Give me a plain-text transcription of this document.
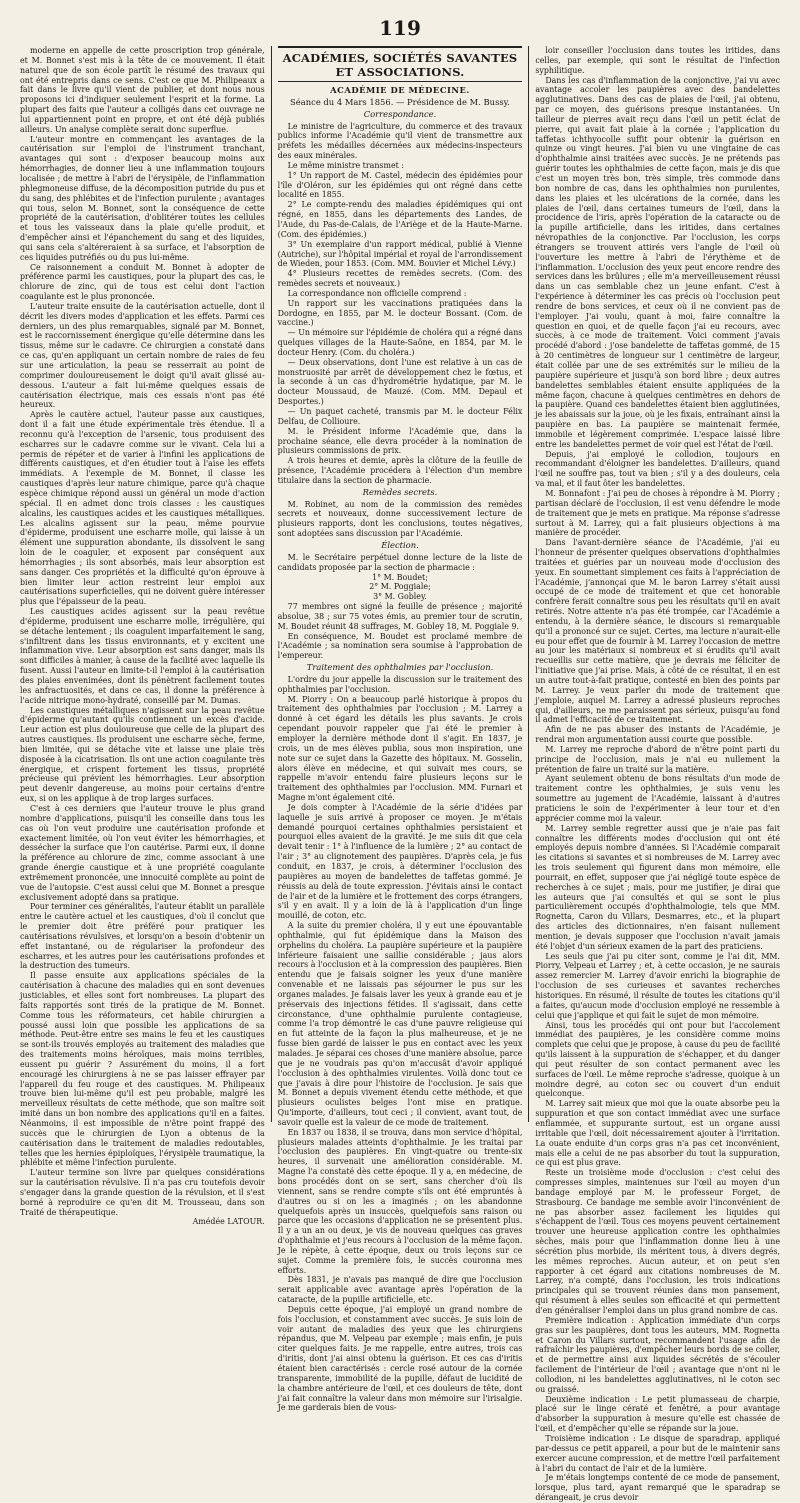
119

moderne en appelle de cette proscription trop générale, et M. Bonnet s'est mis à la tête de ce mouvement. Il était naturel que de son école partît le résumé des travaux qui ont été entrepris dans ce sens. C'est ce que M. Philipeaux a fait dans le livre qu'il vient de publier, et dont nous nous proposons ici d'indiquer seulement l'esprit et la forme. La plupart des faits que l'auteur a colligés dans cet ouvrage ne lui appartiennent point en propre, et ont été déjà publiés ailleurs. Un analyse complète serait donc superflue.

L'auteur montre en commençant les avantages de la cautérisation sur l'emploi de l'instrument tranchant, avantages qui sont : d'exposer beaucoup moins aux hémorrhagies, de donner lieu à une inflammation toujours localisée ; de mettre à l'abri de l'érysipèle, de l'inflammation phlegmoneuse diffuse, de la décomposition putride du pus et du sang, des phlébites et de l'infection purulente ; avantages qui tous, selon M. Bonnet, sont la conséquence de cette propriété de la cautérisation, d'oblitérer toutes les cellules et tous les vaisseaux dans la plaie qu'elle produit, et d'empêcher ainsi et l'épanchement du sang et des liquides, qui sans cela s'altéreraient à sa surface, et l'absorption de ces liquides putréfiés ou du pus lui-même.

Ce raisonnement a conduit M. Bonnet à adopter de préférence parmi les caustiques, pour la plupart des cas, le chlorure de zinc, qui de tous est celui dont l'action coagulante est le plus prononcée.

L'auteur traite ensuite de la cautérisation actuelle, dont il décrit les divers modes d'application et les effets. Parmi ces derniers, un des plus remarquables, signalé par M. Bonnet, est le raccornissement énergique qu'elle détermine dans les tissus, même sur le cadavre. Ce chirurgien a constaté dans ce cas, qu'en appliquant un certain nombre de raies de feu sur une articulation, la peau se resserrait au point de comprimer douloureusement le doigt qu'il avait glissé au-dessous. L'auteur a fait lui-même quelques essais de cautérisation électrique, mais ces essais n'ont pas été heureux.

Après le cautère actuel, l'auteur passe aux caustiques, dont il a fait une étude expérimentale très étendue. Il a reconnu qu'à l'exception de l'arsenic, tous produisent des escharres sur le cadavre comme sur le vivant. Cela lui a permis de répéter et de varier à l'infini les applications de différents caustiques, et d'en étudier tout à l'aise les effets immédiats. A l'exemple de M. Bonnet, il classe les caustiques d'après leur nature chimique, parce qu'à chaque espèce chimique répond aussi un général un mode d'action spécial. Il en admet donc trois classes : les caustiques alcalins, les caustiques acides et les caustiques métalliques. Les alcalins agissent sur la peau, même pourvue d'épiderme, produisent une escharre molle, qui laisse à un élément une suppuration abondante, ils dissolvent le sang loin de le coaguler, et exposent par conséquent aux hémorrhagies ; ils sont absorbés, mais leur absorption est sans danger. Ces propriétés et la difficulté qu'on éprouve à bien limiter leur action restreint leur emploi aux cautérisations superficielles, qui ne doivent guère intéresser plus que l'épaisseur de la peau.

Les caustiques acides agissent sur la peau revêtue d'épiderme, produisent une escharre molle, irrégulière, qui se détache lentement ; ils coagulent imparfaitement le sang, s'infiltrent dans les tissus environnants, et y excitent une inflammation vive. Leur absorption est sans danger, mais ils sont difficiles à manier, à cause de la facilité avec laquelle ils fusent. Aussi l'auteur en limite-t-il l'emploi à la cautérisation des plaies envenimées, dont ils pénètrent facilement toutes les anfractuosités, et dans ce cas, il donne la préférence à l'acide nitrique mono-hydraté, conseillé par M. Dumas.

Les caustiques métalliques n'agissent sur la peau revêtue d'épiderme qu'autant qu'ils contiennent un excès d'acide. Leur action est plus douloureuse que celle de la plupart des autres caustiques. Ils produisent une escharre sèche, ferme, bien limitée, qui se détache vite et laisse une plaie très disposée à la cicatrisation. Ils ont une action coagulante très énergique, et crispent fortement les tissus, propriété précieuse qui prévient les hémorrhagies. Leur absorption peut devenir dangereuse, au moins pour certains d'entre eux, si on les applique à de trop larges surfaces.

C'est à ces derniers que l'auteur trouve le plus grand nombre d'applications, puisqu'il les conseille dans tous les cas où l'on veut produire une cautérisation profonde et exactement limitée, où l'on veut éviter les hémorrhagies, et dessécher la surface que l'on cautérise. Parmi eux, il donne la préférence au chlorure de zinc, comme associant à une grande énergie caustique et à une propriété coagulante extrêmement prononcée, une innocuité complète au point de vue de l'autopsie. C'est aussi celui que M. Bonnet a presque exclusivement adopté dans sa pratique.

Pour terminer ces généralités, l'auteur établit un parallèle entre le cautère actuel et les caustiques, d'où il conclut que le premier doit être préféré pour pratiquer les cautérisations révulsives, et lorsqu'on a besoin d'obtenir un effet instantané, ou de régulariser la profondeur des escharres, et les autres pour les cautérisations profondes et la destruction des tumeurs.

Il passe ensuite aux applications spéciales de la cautérisation à chacune des maladies qui en sont devenues justiciables, et elles sont fort nombreuses. La plupart des faits rapportés sont tirés de la pratique de M. Bonnet. Comme tous les réformateurs, cet habile chirurgien a poussé aussi loin que possible les applications de sa méthode. Peut-être entre ses mains le feu et les caustiques se sont-ils trouvés employés au traitement des maladies que des traitements moins héroïques, mais moins terribles, eussent pu guérir ? Assurément du moins, il a fort encouragé les chirurgiens à ne se pas laisser effrayer par l'appareil du feu rouge et des caustiques. M. Philipeaux trouve bien lui-même qu'il est peu probable, malgré les merveilleux résultats de cette méthode, que son maître soit imité dans un bon nombre des applications qu'il en a faites. Néanmoins, il est impossible de n'être point frappé des succès que le chirurgien de Lyon a obtenus de la cautérisation dans le traitement de maladies redoutables, telles que les hernies épiploïques, l'érysipèle traumatique, la phlébite et même l'infection purulente.

L'auteur termine son livre par quelques considérations sur la cautérisation révulsive. Il n'a pas cru toutefois devoir s'engager dans la grande question de la révulsion, et il s'est borné à reproduire ce qu'en dit M. Trousseau, dans son Traité de thérapeutique.

Amédée LATOUR.

ACADÉMIES, SOCIÉTÉS SAVANTES ET ASSOCIATIONS.
ACADÉMIE DE MÉDECINE.
Séance du 4 Mars 1856. — Présidence de M. Bussy.
Correspondance.

Le ministre de l'agriculture, du commerce et des travaux publics informe l'Académie qu'il vient de transmettre aux préfets les médailles décernées aux médecins-inspecteurs des eaux minérales.

Le même ministre transmet :

1° Un rapport de M. Castel, médecin des épidémies pour l'île d'Oléron, sur les épidémies qui ont régné dans cette localité en 1855.

2° Le compte-rendu des maladies épidémiques qui ont régné, en 1855, dans les départements des Landes, de l'Aude, du Pas-de-Calais, de l'Ariège et de la Haute-Marne. (Com. des épidémies.)

3° Un exemplaire d'un rapport médical, publié à Vienne (Autriche), sur l'hôpital impérial et royal de l'arrondissement de Wieden, pour 1853. (Com. MM. Bouvier et Michel Lévy.)

4° Plusieurs recettes de remèdes secrets. (Com. des remèdes secrets et nouveaux.)

La correspondance non officielle comprend :

Un rapport sur les vaccinations pratiquées dans la Dordogne, en 1855, par M. le docteur Bossant. (Com. de vaccine.)

— Un mémoire sur l'épidémie de choléra qui a régné dans quelques villages de la Haute-Saône, en 1854, par M. le docteur Henry. (Com. du choléra.)

— Deux observations, dont l'une est relative à un cas de monstruosité par arrêt de développement chez le fœtus, et la seconde à un cas d'hydrométrie hydatique, par M. le docteur Moussaud, de Mauzé. (Com. MM. Depaul et Desportes.)

— Un paquet cacheté, transmis par M. le docteur Félix Delfau, de Collioure.

M. le Président informe l'Académie que, dans la prochaine séance, elle devra procéder à la nomination de plusieurs commissions de prix.

A trois heures et demie, après la clôture de la feuille de présence, l'Académie procédera à l'élection d'un membre titulaire dans la section de pharmacie.

Remèdes secrets.

M. Robinet, au nom de la commission des remèdes secrets et nouveaux, donne successivement lecture de plusieurs rapports, dont les conclusions, toutes négatives, sont adoptées sans discussion par l'Académie.

Élection.

M. le Secrétaire perpétuel donne lecture de la liste de candidats proposée par la section de pharmacie :

1° M. Boudet;

2° M. Poggiale;

3° M. Gobley.

77 membres ont signé la feuille de présence ; majorité absolue, 38 ; sur 75 votes émis, au premier tour de scrutin, M. Boudet réunit 48 suffrages, M. Gobley 18, M. Poggiale 9.

En conséquence, M. Boudet est proclamé membre de l'Académie ; sa nomination sera soumise à l'approbation de l'empereur.

Traitement des ophthalmies par l'occlusion.

L'ordre du jour appelle la discussion sur le traitement des ophthalmies par l'occlusion.

M. Piorry : On a beaucoup parlé historique à propos du traitement des ophthalmies par l'occlusion ; M. Larrey a donné à cet égard les détails les plus savants. Je crois cependant pouvoir rappeler que j'ai été le premier à employer la dernière méthode dont il s'agit. En 1837, je crois, un de mes élèves publia, sous mon inspiration, une note sur ce sujet dans la Gazette des hôpitaux. M. Gosselin, alors élève en médecine, et qui suivait mes cours, se rappelle m'avoir entendu faire plusieurs leçons sur le traitement des ophthalmies par l'occlusion. MM. Furnari et Magne m'ont également cité.

Je dois compter à l'Académie de la série d'idées par laquelle je suis arrivé à proposer ce moyen. Je m'étais demandé pourquoi certaines ophthalmies persistaient et pourquoi elles avaient de la gravité. Je me suis dit que cela devait tenir : 1° à l'influence de la lumière ; 2° au contact de l'air ; 3° au clignotement des paupières. D'après cela, je fus conduit, en 1837, je crois, à déterminer l'occlusion des paupières au moyen de bandelettes de taffetas gommé. Je réussis au delà de toute expression. J'évitais ainsi le contact de l'air et de la lumière et le frottement des corps étrangers, s'il y en avait. Il y a loin de là à l'application d'un linge mouillé, de coton, etc.

A la suite du premier choléra, il y eut une épouvantable ophthalmie, qui fut épidémique dans la Maison des orphelins du choléra. La paupière supérieure et la paupière inférieure faisaient une saillie considérable ; jaus alors recours à l'occlusion et à la compression des paupières. Bien entendu que je faisais soigner les yeux d'une manière convenable et ne laissais pas séjourner le pus sur les organes malades. Je faisais laver les yeux à grande eau et je préservais des injections fétides. Il s'agissait, dans cette circonstance, d'une ophthalmie purulente contagieuse, comme l'a trop démontré le cas d'une pauvre religieuse qui en fut atteinte de la façon la plus malheureuse, et je ne fusse bien gardé de laisser le pus en contact avec les yeux malades. Je séparai ces choses d'une manière absolue, parce que je ne voudrais pas qu'on m'accusât d'avoir appliqué l'occlusion à des ophthalmies virulentes. Voilà donc tout ce que j'avais à dire pour l'histoire de l'occlusion. Je sais que M. Bonnet a depuis vivement étendu cette méthode, et que plusieurs oculistes belges l'ont mise en pratique. Qu'importe, d'ailleurs, tout ceci ; il convient, avant tout, de savoir quelle est la valeur de ce mode de traitement.

En 1837 ou 1838, il se trouva, dans mon service d'hôpital, plusieurs malades atteints d'ophthalmie. Je les traitai par l'occlusion des paupières. En vingt-quatre ou trente-six heures, il survenait une amélioration considérable. M. Magne l'a constaté dès cette époque. Il y a, en médecine, de bons procédés dont on se sert, sans chercher d'où ils viennent, sans se rendre compte s'ils ont été empruntés à d'autres ou si on les a imaginés ; on les abandonne quelquefois après un insuccès, quelquefois sans raison ou parce que les occasions d'application ne se présentent plus. Il y a un an ou deux, je vis de nouveau quelques cas graves d'ophthalmie et j'eus recours à l'occlusion de la même façon. Je le répète, à cette époque, deux ou trois leçons sur ce sujet. Comme la première fois, le succès couronna mes efforts.

Dès 1831, je n'avais pas manqué de dire que l'occlusion serait applicable avec avantage après l'opération de la cataracte, de la pupille artificielle, etc.

Depuis cette époque, j'ai employé un grand nombre de fois l'occlusion, et constamment avec succès. Je suis loin de voir autant de maladies des yeux que les chirurgiens répandus, que M. Velpeau par exemple ; mais enfin, je puis citer quelques faits. Je me rappelle, entre autres, trois cas d'iritis, dont j'ai ainsi obtenu la guérison. Et ces cas d'iritis étaient bien caractérisés : cercle rosé autour de la cornée transparente, immobilité de la pupille, défaut de lucidité de la chambre antérieure de l'œil, et ces douleurs de tête, dont j'ai fait connaître la valeur dans mon mémoire sur l'irisalgie. Je me garderais bien de vous-

loir conseiller l'occlusion dans toutes les iritides, dans celles, par exemple, qui sont le résultat de l'infection syphilitique.

Dans les cas d'inflammation de la conjonctive, j'ai vu avec avantage accoler les paupières avec des bandelettes agglutinatives. Dans des cas de plaies de l'œil, j'ai obtenu, par ce moyen, des guérisons presque instantanées. Un tailleur de pierres avait reçu dans l'œil un petit éclat de pierre, qui avait fait plaie à la cornée ; l'application du taffetas ichthyocolle suffit pour obtenir la guérison en quinze ou vingt heures. J'ai bien vu une vingtaine de cas d'ophthalmie ainsi traitées avec succès. Je ne prétends pas guérir toutes les ophthalmies de cette façon, mais je dis que c'est un moyen très bon, très simple, très commode dans bon nombre de cas, dans les ophthalmies non purulentes, dans les plaies et les ulcérations de la cornée, dans les plaies de l'œil, dans certaines tumeurs de l'œil, dans la procidence de l'iris, après l'opération de la cataracte ou de la pupille artificielle, dans les iritides, dans certaines névropathies de la conjonctive. Par l'occlusion, les corps étrangers se trouvent attirés vers l'angle de l'œil où l'ouverture les mettre à l'abri de l'érythème et de l'inflammation. L'occlusion des yeux peut encore rendre des services dans les brûlures ; elle m'a merveilleusement réussi dans un cas semblable chez un jeune enfant. C'est à l'expérience à déterminer les cas précis où l'occlusion peut rendre de bons services, et ceux où il ne convient pas de l'employer. J'ai voulu, quant à moi, faire connaître la question en quoi, et de quelle façon j'ai eu recours, avec succès, à ce mode de traitement. Voici comment j'avais procédé d'abord : j'ose bandelette de taffetas gommé, de 15 à 20 centimètres de longueur sur 1 centimètre de largeur, était collée par une de ses extrémités sur le milieu de la paupière supérieure et jusqu'à son bord libre ; deux autres bandelettes semblables étaient ensuite appliquées de la même façon, chacune à quelques centimètres en dehors de la paupière. Quand ces bandelettes étaient bien agglutinées, je les abaissais sur la joue, où je les fixais, entraînant ainsi la paupière en bas. La paupière se maintenait fermée, immobile et légèrement comprimée. L'espace laissé libre entre les bandelettes permet de voir quel est l'état de l'œil.

Depuis, j'ai employé le collodion, toujours en recommandant d'éloigner les bandelettes. D'ailleurs, quand l'œil ne souffre pas, tout va bien ; s'il y a des douleurs, cela va mal, et il faut ôter les bandelettes.

M. Bonnafont : J'ai peu de choses à répondre à M. Piorry ; partisan déclaré de l'occlusion, il est venu défendre le mode de traitement que je mets en pratique. Ma réponse s'adresse surtout à M. Larrey, qui a fait plusieurs objections à ma manière de procéder.

Dans l'avant-dernière séance de l'Académie, j'ai eu l'honneur de présenter quelques observations d'ophthalmies traitées et guéries par un nouveau mode d'occlusion des yeux. En soumettant simplement ces faits à l'appréciation de l'Académie, j'annonçai que M. le baron Larrey s'était aussi occupé de ce mode de traitement et que cet honorable confrère ferait connaître sous peu les résultats qu'il en avait retirés. Notre attente n'a pas été trompée, car l'Académie a entendu, à la dernière séance, le discours si remarquable qu'il a prononcé sur ce sujet. Certes, ma lecture n'aurait-elle eu pour effet que de fournir à M. Larrey l'occasion de mettre au jour les matériaux si nombreux et si érudits qu'il avait recueillis sur cette matière, que je devrais me féliciter de l'initiative que j'ai prise. Mais, à côté de ce résultat, il en est un autre tout-à-fait pratique, contesté en bien des points par M. Larrey. Je veux parler du mode de traitement que j'emploie, auquel M. Larrey a adressé plusieurs reproches qui, d'ailleurs, ne me paraissent pas sérieux, puisqu'au fond il admet l'efficacité de ce traitement.

Afin de ne pas abuser des instants de l'Académie, je rendrai mon argumentation aussi courte que possible.

M. Larrey me reproche d'abord de n'être point parti du principe de l'occlusion, mais je n'ai eu nullement la prétention de faire un traité sur la matière.

Ayant seulement obtenu de bons résultats d'un mode de traitement contre les ophthalmies, je suis venu les soumettre au jugement de l'Académie, laissant à d'autres praticiens le soin de l'expérimenter à leur tour et d'en apprécier comme moi la valeur.

M. Larrey semble regretter aussi que je n'aie pas fait connaître les différents modes d'occlusion qui ont été employés depuis nombre d'années. Si l'Académie comparait les citations si savantes et si nombreuses de M. Larrey avec les trois seulement qui figurent dans mon mémoire, elle pourrait, en effet, supposer que j'ai négligé toute espèce de recherches à ce sujet ; mais, pour me justifier, je dirai que les auteurs que j'ai consultés et qui se sont le plus particulièrement occupés d'ophthalmologie, tels que MM. Rognetta, Caron du Villars, Desmarres, etc., et la plupart des articles des dictionnaires, n'en faisant nullement mention, je devais supposer que l'occlusion n'avait jamais été l'objet d'un sérieux examen de la part des praticiens.

Les seuls que j'ai pu citer sont, comme je l'ai dit, MM. Piorry, Velpeau et Larrey ; et, à cette occasion, je ne saurais assez remercier M. Larrey d'avoir enrichi la biographie de l'occlusion de ses curieuses et savantes recherches historiques. En résumé, il résulte de toutes les citations qu'il a faites, qu'aucun mode d'occlusion employé ne ressemble à celui que j'applique et qui fait le sujet de mon mémoire.

Ainsi, tous les procédés qui ont pour but l'accolement immédiat des paupières, je les considère comme moins complets que celui que je propose, à cause du peu de facilité qu'ils laissent à la suppuration de s'échapper, et du danger qui peut résulter de son contact permanent avec les surfaces de l'œil. Le même reproche s'adresse, quoique à un moindre degré, au coton sec ou couvert d'un enduit quelconque.

M. Larrey sait mieux que moi que la ouate absorbe peu la suppuration et que son contact immédiat avec une surface enflammée, et suppurante surtout, est un organe aussi irritable que l'œil, doit nécessairement ajouter à l'irritation. La ouate enduite d'un corps gras n'a pas cet inconvénient, mais elle a celui de ne pas absorber du tout la suppuration, ce qui est plus grave.

Reste un troisième mode d'occlusion : c'est celui des compresses simples, maintenues sur l'œil au moyen d'un bandage employé par M. le professeur Forget, de Strasbourg. Ce bandage me semble avoir l'inconvénient de ne pas absorber assez facilement les liquides qui s'échappent de l'œil. Tous ces moyens peuvent certainement trouver une heureuse application contre les ophthalmies sèches, mais pour que l'inflammation donne lieu à une sécrétion plus morbide, ils méritent tous, à divers degrés, les mêmes reproches. Aucun auteur, et on peut s'en rapporter à cet égard aux citations nombreuses de M. Larrey, n'a compté, dans l'occlusion, les trois indications principales qui se trouvent réunies dans mon pansement, qui résument à elles seules son efficacité et qui permettent d'en généraliser l'emploi dans un plus grand nombre de cas.

Première indication : Application immédiate d'un corps gras sur les paupières, dont tous les auteurs, MM. Rognetta et Caron du Villars surtout, recommandent l'usage afin de rafraîchir les paupières, d'empêcher leurs bords de se coller, et de permettre ainsi aux liquides sécrétés de s'écouler facilement de l'intérieur de l'œil ; avantage que n'ont ni le collodion, ni les bandelettes agglutinatives, ni le coton sec ou graissé.

Deuxième indication : Le petit plumasseau de charpie, placé sur le linge cératé et fenêtré, a pour avantage d'absorber la suppuration à mesure qu'elle est chassée de l'œil, et d'empêcher qu'elle se répande sur la joue.

Troisième indication : Le disque de sparadrap, appliqué par-dessus ce petit appareil, a pour but de le maintenir sans exercer aucune compression, et de mettre l'œil parfaitement à l'abri du contact de l'air et de la lumière.

Je m'étais longtemps contenté de ce mode de pansement, lorsque, plus tard, ayant remarqué que le sparadrap se dérangeait, je crus devoir
